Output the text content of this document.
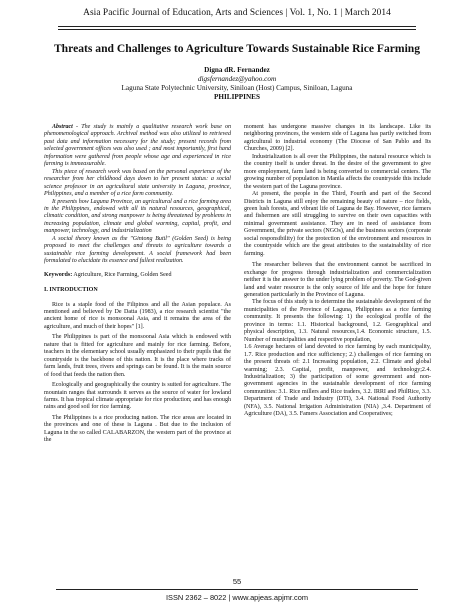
Asia Pacific Journal of Education, Arts and Sciences | Vol. 1, No. 1 | March 2014
Threats and Challenges to Agriculture Towards Sustainable Rice Farming
Digna dR. Fernandez
digsfernandez@yahoo.com
Laguna State Polytechnic University, Siniloan (Host) Campus, Siniloan, Laguna
PHILIPPINES

Abstract - The study is mainly a qualitative research work base on phenomenological approach. Archival method was also utilized to retrieved past data and information necessary for the study; present records from selected government offices was also used ; and most importantly, first hand information were gathered from people whose age and experienced in rice farming is immeasurable.

This piece of research work was based on the personal experience of the researcher from her childhood days down to her present status: a social science professor in an agricultural state university in Laguna, province, Philippines, and a member of a rice farm community.

It presents how Laguna Province, an agricultural and a rice farming area in the Philippines, endowed with all its natural resources, geographical, climatic condition, and strong manpower is being threatened by problems in increasing population, climate and global warming, capital, profit, and manpower, technology, and industrialization

A social theory known as the "Gintong Butil" (Golden Seed) is being proposed to meet the challenges and threats to agriculture towards a sustainable rice farming development. A social framework had been formulated to elucidate its essence and fullest realization.

Keywords: Agriculture, Rice Farming, Golden Seed

I. INTRODUCTION

Rice is a staple food of the Filipinos and all the Asian populace. As mentioned and believed by De Datta (1983), a rice research scientist "the ancient home of rice is monsoonal Asia, and it remains the area of the agriculture, and much of their hopes" [1].

The Philippines is part of the monsoonal Asia which is endowed with nature that is fitted for agriculture and mainly for rice farming. Before, teachers in the elementary school usually emphasized to their pupils that the countryside is the backbone of this nation. It is the place where tracks of farm lands, fruit trees, rivers and springs can be found. It is the main source of food that feeds the nation then.

Ecologically and geographically the country is suited for agriculture. The mountain ranges that surrounds it serves as the source of water for lowland farms. It has tropical climate appropriate for rice production; and has enough rains and good soil for rice farming.

The Philippines is a rice producing nation. The rice areas are located in the provinces and one of these is Laguna . But due to the inclusion of Laguna in the so called CALABARZON, the western part of the province at the

moment has undergone massive changes in its landscape. Like its neighboring provinces, the western side of Laguna has partly switched from agricultural to industrial economy (The Diocese of San Pablo and Its Churches, 2009) [2].

Industrialization is all over the Philippines, the natural resource which is the country itself is under threat. In the desire of the government to give more employment, farm land is being converted to commercial centers. The growing number of population in Manila affects the countryside this include the western part of the Laguna province.

At present, the people in the Third, Fourth and part of the Second Districts in Laguna still enjoy the remaining beauty of nature – rice fields, green lush forests, and vibrant life of Laguna de Bay. However, rice farmers and fishermen are still struggling to survive on their own capacities with minimal government assistance. They are in need of assistance from Government, the private sectors (NGOs), and the business sectors (corporate social responsibility) for the protection of the environment and resources in the countryside which are the great attributes to the sustainability of rice farming.

The researcher believes that the environment cannot be sacrificed in exchange for progress through industrialization and commercialization neither it is the answer to the under lying problem of poverty. The God-given land and water resource is the only source of life and the hope for future generation particularly in the Province of Laguna.

The focus of this study is to determine the sustainable development of the municipalities of the Province of Laguna, Philippines as a rice farming community. It presents the following: 1) the ecological profile of the province in terms: 1.1. Historical background, 1.2. Geographical and physical description, 1.3. Natural resources,1.4. Economic structure, 1.5. Number of municipalities and respective population,

1.6 Average hectares of land devoted to rice farming by each municipality, 1.7. Rice production and rice sufficiency; 2.) challenges of rice farming on the present threats of: 2.1 Increasing population, 2.2. Climate and global warming; 2.3. Capital, profit, manpower, and technology;2.4. Industrialization; 3) the participation of some government and non-government agencies in the sustainable development of rice farming communities: 3.1. Rice millers and Rice traders, 3.2. IRRI and PhilRice, 3.3. Department of Trade and Industry (DTI), 3.4. National Food Authority (NFA), 3.5. National Irrigation Administration (NIA) ,3.4. Department of Agriculture (DA), 3.5. Famers Association and Cooperatives;

55
ISSN 2362 – 8022 | www.apjeas.apjmr.com
